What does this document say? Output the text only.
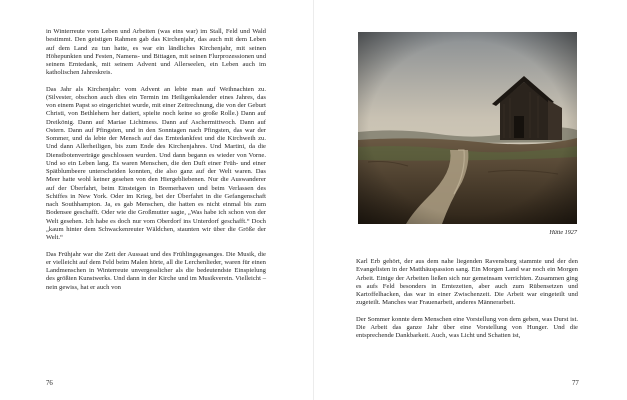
in Winterreute vom Leben und Arbeiten (was eins war) im Stall, Feld und Wald bestimmt. Den geistigen Rahmen gab das Kirchenjahr, das auch mit dem Leben auf dem Land zu tun hatte, es war ein ländliches Kirchenjahr, mit seinen Höhepunkten und Festen, Namens- und Bittagen, mit seinen Flurprozessionen und seinem Erntedank, mit seinem Advent und Allerseelen, ein Leben auch im katholischen Jahreskreis.

Das Jahr als Kirchenjahr: vom Advent an lebte man auf Weihnachten zu. (Silvester, obschon auch dies ein Termin im Heiligenkalender eines Jahres, das von einem Papst so eingerichtet wurde, mit einer Zeitrechnung, die von der Geburt Christi, von Bethlehem her datiert, spielte noch keine so große Rolle.) Dann auf Dreikönig. Dann auf Mariae Lichtmess. Dann auf Aschermittwoch. Dann auf Ostern. Dann auf Pfingsten, und in den Sonntagen nach Pfingsten, das war der Sommer, und da lebte der Mensch auf das Erntedankfest und die Kirchweih zu. Und dann Allerheiligen, bis zum Ende des Kirchenjahres. Und Martini, da die Dienstbotenverträge geschlossen wurden. Und dann begann es wieder von Vorne. Und so ein Leben lang. Es waren Menschen, die den Duft einer Früh- und einer Spätblumbeere unterscheiden konnten, die also ganz auf der Welt waren. Das Meer hatte wohl keiner gesehen von den Hiergebliebenen. Nur die Auswanderer auf der Überfahrt, beim Einsteigen in Bremerhaven und beim Verlassen des Schiffes in New York. Oder im Krieg, bei der Überfahrt in die Gefangenschaft nach Southhampton. Ja, es gab Menschen, die hatten es nicht einmal bis zum Bodensee geschafft. Oder wie die Großmutter sagte, „Was habe ich schon von der Welt gesehen. Ich habe es doch nur vom Oberdorf ins Unterdorf geschafft.“ Doch „kaum hinter dem Schwackenreuter Wäldchen, staunten wir über die Größe der Welt.“

Das Frühjahr war die Zeit der Aussaat und des Frühlingsgesanges. Die Musik, die er vielleicht auf dem Feld beim Malen hörte, all die Lerchenlieder, waren für einen Landmenschen in Winterreute unvergesslicher als die bedeutendste Einspielung des größten Kunstwerks. Und dann in der Kirche und im Musikverein. Vielleicht – nein gewiss, hat er auch von

76
Hütte 1927

Karl Erb gehört, der aus dem nahe liegenden Ravensburg stammte und der den Evangelisten in der Matthäuspassion sang. Ein Morgen Land war noch ein Morgen Arbeit. Einige der Arbeiten ließen sich nur gemeinsam verrichten. Zusammen ging es aufs Feld besonders in Erntezeiten, aber auch zum Rübensetzen und Kartoffelhacken, das war in einer Zwischenzeit. Die Arbeit war eingeteilt und zugeteilt. Manches war Frauenarbeit, anderes Männerarbeit.

Der Sommer konnte dem Menschen eine Vorstellung von dem geben, was Durst ist. Die Arbeit das ganze Jahr über eine Vorstellung von Hunger. Und die entsprechende Dankbarkeit. Auch, was Licht und Schatten ist,

77
